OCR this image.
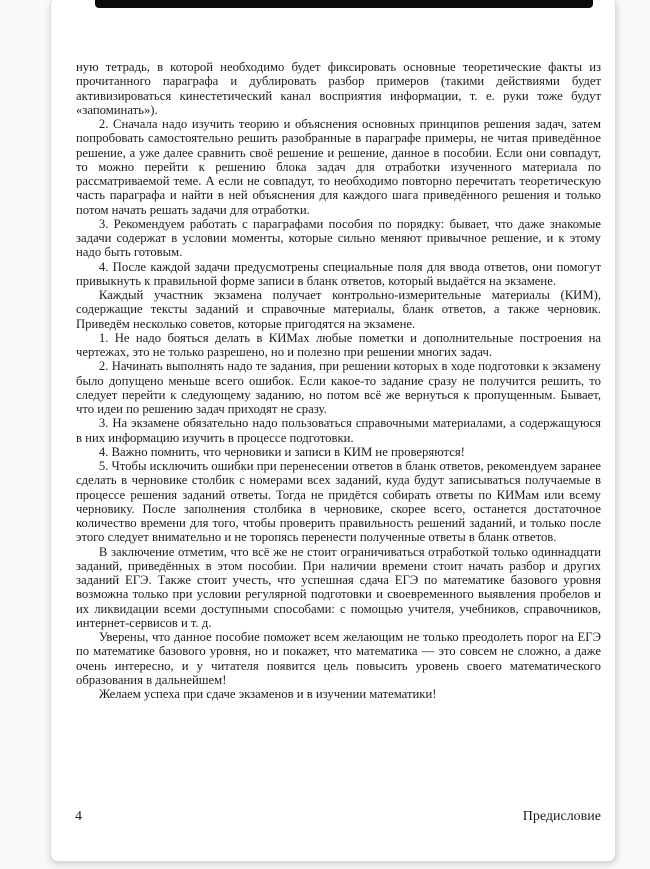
ную тетрадь, в которой необходимо будет фиксировать основные теоретические факты из прочитанного параграфа и дублировать разбор примеров (такими действиями будет активизироваться кинестетический канал восприятия информации, т. е. руки тоже будут «запоминать»).

2. Сначала надо изучить теорию и объяснения основных принципов решения задач, затем попробовать самостоятельно решить разобранные в параграфе примеры, не читая приведённое решение, а уже далее сравнить своё решение и решение, данное в пособии. Если они совпадут, то можно перейти к решению блока задач для отработки изученного материала по рассматриваемой теме. А если не совпадут, то необходимо повторно перечитать теоретическую часть параграфа и найти в ней объяснения для каждого шага приведённого решения и только потом начать решать задачи для отработки.

3. Рекомендуем работать с параграфами пособия по порядку: бывает, что даже знакомые задачи содержат в условии моменты, которые сильно меняют привычное решение, и к этому надо быть готовым.

4. После каждой задачи предусмотрены специальные поля для ввода ответов, они помогут привыкнуть к правильной форме записи в бланк ответов, который выдаётся на экзамене.

Каждый участник экзамена получает контрольно-измерительные материалы (КИМ), содержащие тексты заданий и справочные материалы, бланк ответов, а также черновик. Приведём несколько советов, которые пригодятся на экзамене.

1. Не надо бояться делать в КИМах любые пометки и дополнительные построения на чертежах, это не только разрешено, но и полезно при решении многих задач.

2. Начинать выполнять надо те задания, при решении которых в ходе подготовки к экзамену было допущено меньше всего ошибок. Если какое-то задание сразу не получится решить, то следует перейти к следующему заданию, но потом всё же вернуться к пропущенным. Бывает, что идеи по решению задач приходят не сразу.

3. На экзамене обязательно надо пользоваться справочными материалами, а содержащуюся в них информацию изучить в процессе подготовки.

4. Важно помнить, что черновики и записи в КИМ не проверяются!

5. Чтобы исключить ошибки при перенесении ответов в бланк ответов, рекомендуем заранее сделать в черновике столбик с номерами всех заданий, куда будут записываться получаемые в процессе решения заданий ответы. Тогда не придётся собирать ответы по КИМам или всему черновику. После заполнения столбика в черновике, скорее всего, останется достаточное количество времени для того, чтобы проверить правильность решений заданий, и только после этого следует внимательно и не торопясь перенести полученные ответы в бланк ответов.

В заключение отметим, что всё же не стоит ограничиваться отработкой только одиннадцати заданий, приведённых в этом пособии. При наличии времени стоит начать разбор и других заданий ЕГЭ. Также стоит учесть, что успешная сдача ЕГЭ по математике базового уровня возможна только при условии регулярной подготовки и своевременного выявления пробелов и их ликвидации всеми доступными способами: с помощью учителя, учебников, справочников, интернет-сервисов и т. д.

Уверены, что данное пособие поможет всем желающим не только преодолеть порог на ЕГЭ по математике базового уровня, но и покажет, что математика — это совсем не сложно, а даже очень интересно, и у читателя появится цель повысить уровень своего математического образования в дальнейшем!

Желаем успеха при сдаче экзаменов и в изучении математики!

4	Предисловие
